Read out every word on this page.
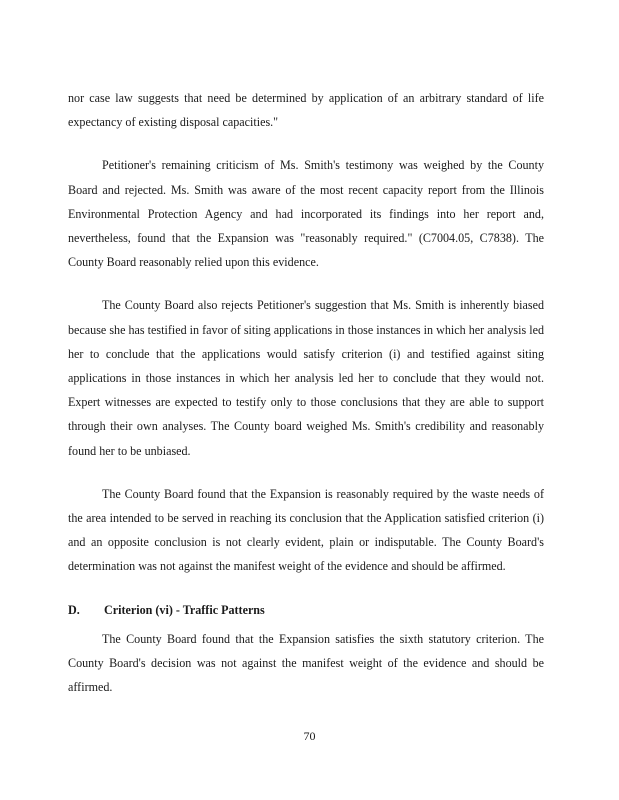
nor case law suggests that need be determined by application of an arbitrary standard of life expectancy of existing disposal capacities."

Petitioner's remaining criticism of Ms. Smith's testimony was weighed by the County Board and rejected. Ms. Smith was aware of the most recent capacity report from the Illinois Environmental Protection Agency and had incorporated its findings into her report and, nevertheless, found that the Expansion was "reasonably required." (C7004.05, C7838). The County Board reasonably relied upon this evidence.

The County Board also rejects Petitioner's suggestion that Ms. Smith is inherently biased because she has testified in favor of siting applications in those instances in which her analysis led her to conclude that the applications would satisfy criterion (i) and testified against siting applications in those instances in which her analysis led her to conclude that they would not. Expert witnesses are expected to testify only to those conclusions that they are able to support through their own analyses. The County board weighed Ms. Smith's credibility and reasonably found her to be unbiased.

The County Board found that the Expansion is reasonably required by the waste needs of the area intended to be served in reaching its conclusion that the Application satisfied criterion (i) and an opposite conclusion is not clearly evident, plain or indisputable. The County Board's determination was not against the manifest weight of the evidence and should be affirmed.

D.	Criterion (vi) - Traffic Patterns

The County Board found that the Expansion satisfies the sixth statutory criterion. The County Board's decision was not against the manifest weight of the evidence and should be affirmed.

70
